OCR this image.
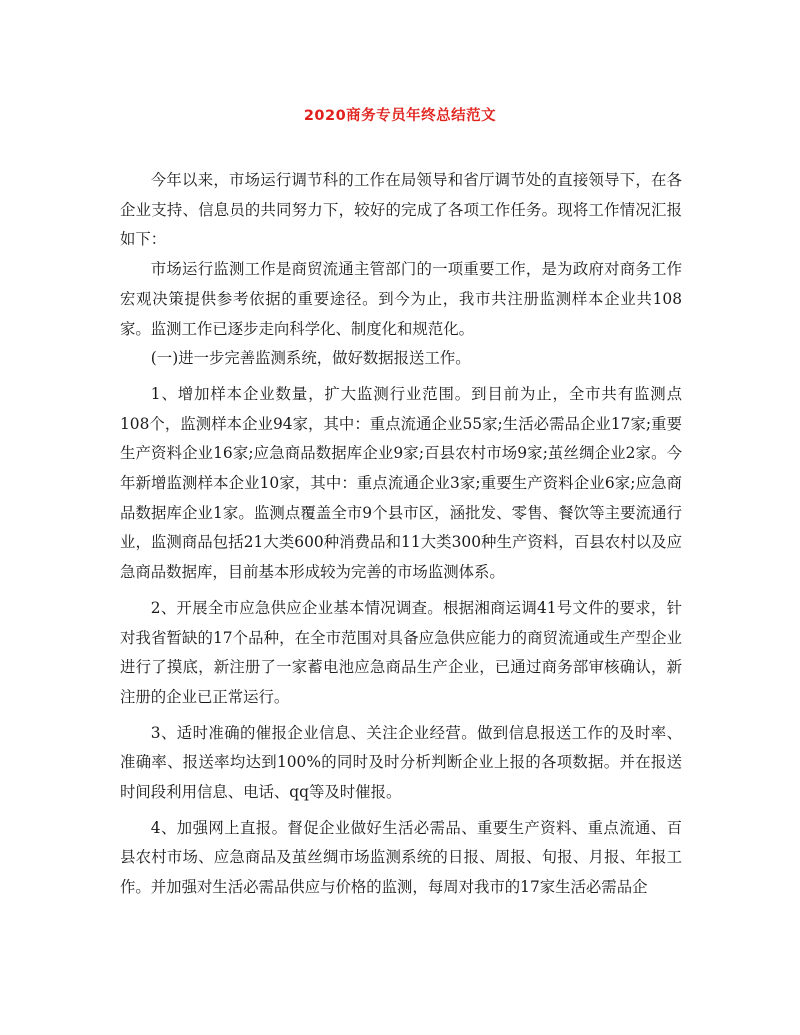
2020商务专员年终总结范文

今年以来，市场运行调节科的工作在局领导和省厅调节处的直接领导下，在各企业支持、信息员的共同努力下，较好的完成了各项工作任务。现将工作情况汇报如下：

市场运行监测工作是商贸流通主管部门的一项重要工作，是为政府对商务工作宏观决策提供参考依据的重要途径。到今为止，我市共注册监测样本企业共108家。监测工作已逐步走向科学化、制度化和规范化。

(一)进一步完善监测系统，做好数据报送工作。

1、增加样本企业数量，扩大监测行业范围。到目前为止，全市共有监测点108个，监测样本企业94家，其中：重点流通企业55家;生活必需品企业17家;重要生产资料企业16家;应急商品数据库企业9家;百县农村市场9家;茧丝绸企业2家。今年新增监测样本企业10家，其中：重点流通企业3家;重要生产资料企业6家;应急商品数据库企业1家。监测点覆盖全市9个县市区，涵批发、零售、餐饮等主要流通行业，监测商品包括21大类600种消费品和11大类300种生产资料，百县农村以及应急商品数据库，目前基本形成较为完善的市场监测体系。

2、开展全市应急供应企业基本情况调查。根据湘商运调41号文件的要求，针对我省暂缺的17个品种，在全市范围对具备应急供应能力的商贸流通或生产型企业进行了摸底，新注册了一家蓄电池应急商品生产企业，已通过商务部审核确认，新注册的企业已正常运行。

3、适时准确的催报企业信息、关注企业经营。做到信息报送工作的及时率、准确率、报送率均达到100%的同时及时分析判断企业上报的各项数据。并在报送时间段利用信息、电话、qq等及时催报。

4、加强网上直报。督促企业做好生活必需品、重要生产资料、重点流通、百县农村市场、应急商品及茧丝绸市场监测系统的日报、周报、旬报、月报、年报工作。并加强对生活必需品供应与价格的监测，每周对我市的17家生活必需品企
